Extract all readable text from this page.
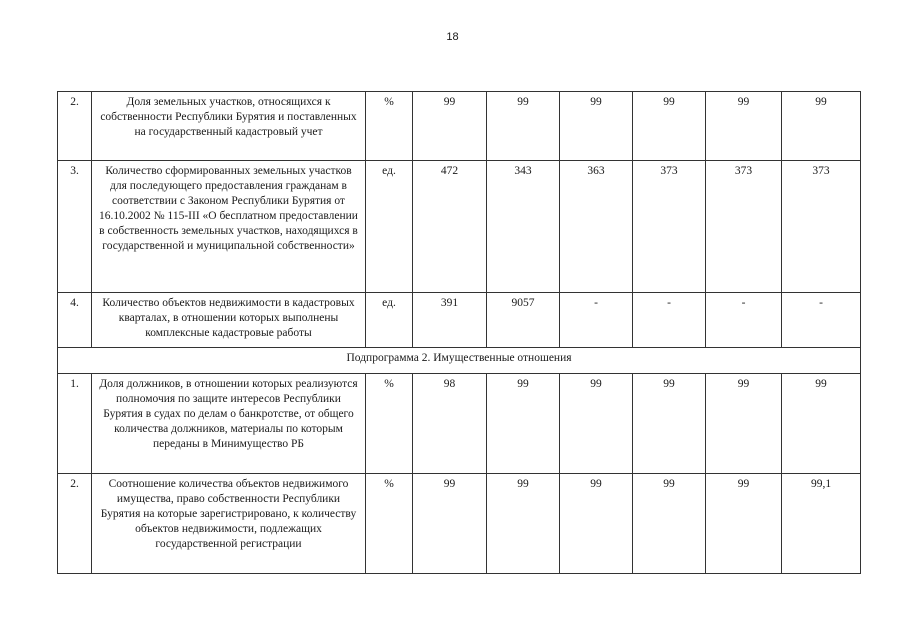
18
2.	Доля земельных участков, относящихся к собственности Республики Бурятия и поставленных на государственный кадастровый учет	%	99	99	99	99	99	99
3.	Количество сформированных земельных участков для последующего предоставления гражданам в соответствии с Законом Республики Бурятия от 16.10.2002 № 115-III «О бесплатном предоставлении в собственность земельных участков, находящихся в государственной и муниципальной собственности»	ед.	472	343	363	373	373	373
4.	Количество объектов недвижимости в кадастровых кварталах, в отношении которых выполнены комплексные кадастровые работы	ед.	391	9057	-	-	-	-
Подпрограмма 2. Имущественные отношения								
1.	Доля должников, в отношении которых реализуются полномочия по защите интересов Республики Бурятия в судах по делам о банкротстве, от общего количества должников, материалы по которым переданы в Минимущество РБ	%	98	99	99	99	99	99
2.	Соотношение количества объектов недвижимого имущества, право собственности Республики Бурятия на которые зарегистрировано, к количеству объектов недвижимости, подлежащих государственной регистрации	%	99	99	99	99	99	99,1
